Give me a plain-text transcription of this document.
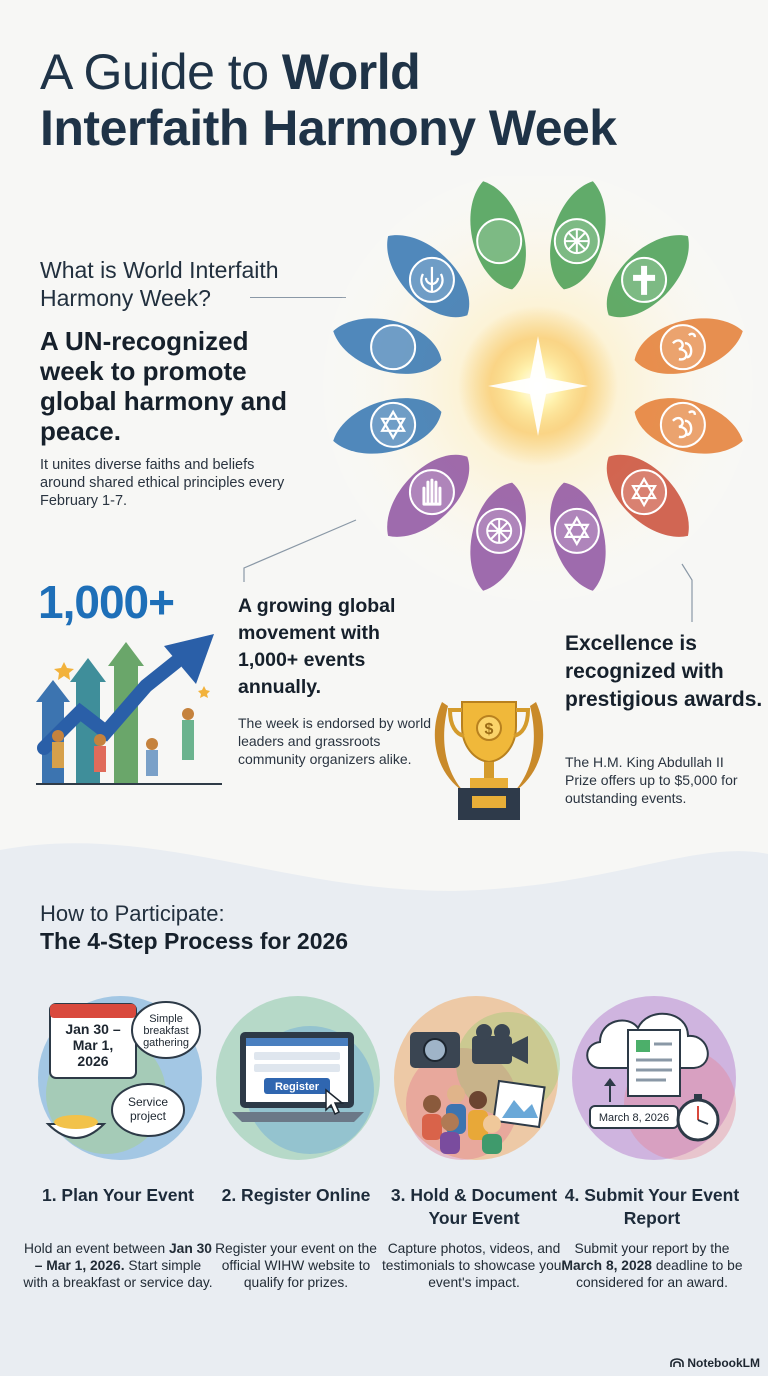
A Guide to World
Interfaith Harmony Week
What is World Interfaith Harmony Week?
A UN-recognized week to promote global harmony and peace.
It unites diverse faiths and beliefs around shared ethical principles every February 1-7.
1,000+	A growing global movement with 1,000+ events annually.
The week is endorsed by world leaders and grassroots community organizers alike.
$
Excellence is recognized with prestigious awards.
The H.M. King Abdullah II Prize offers up to $5,000 for outstanding events.
How to Participate:
The 4-Step Process for 2026
Jan 30 –
Mar 1,
2026
Simple
breakfast
gathering
Service
project
1. Plan Your Event
Hold an event between Jan 30 – Mar 1, 2026. Start simple with a breakfast or service day.
Register
2. Register Online
Register your event on the official WIHW website to qualify for prizes.
3. Hold & Document Your Event
Capture photos, videos, and testimonials to showcase your event's impact.
March 8, 2026
4. Submit Your Event Report
Submit your report by the March 8, 2028 deadline to be considered for an award.
NotebookLM
